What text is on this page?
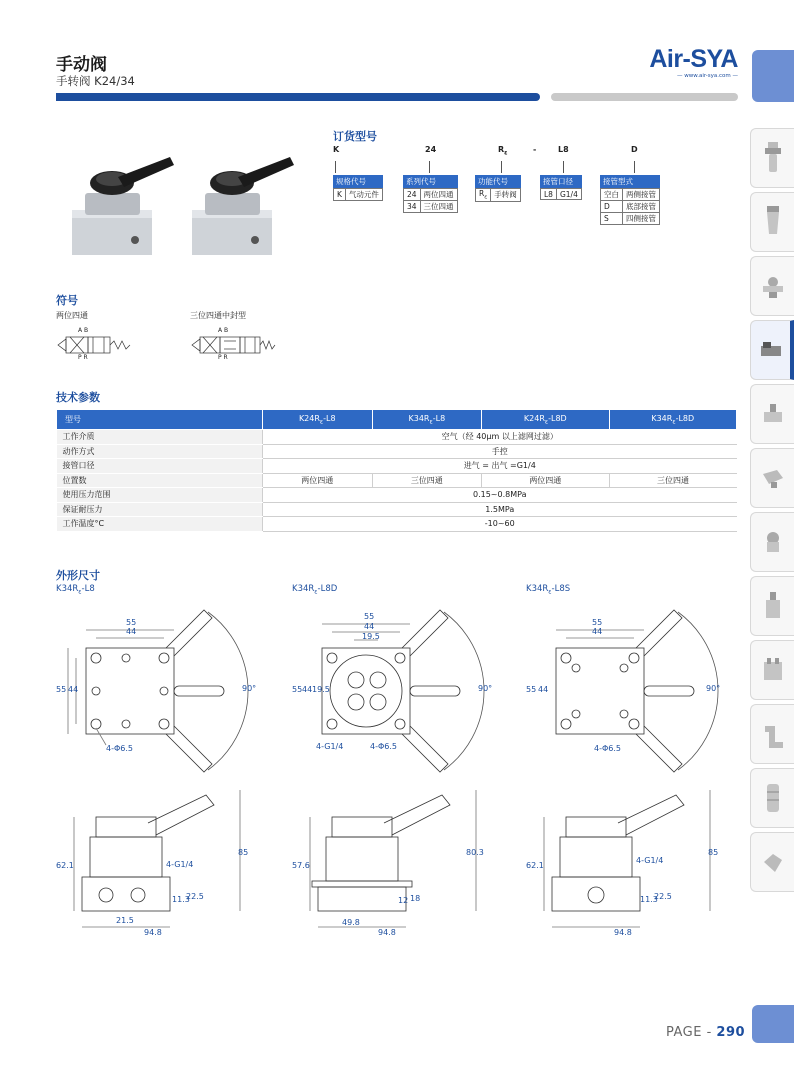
手动阀
手转阀 K24/34
Air-SYA
— www.air-sya.com —
订货型号
K	24	$R_\varepsilon$	-	L8	D
规格代号
K	气动元件
系列代号
24	两位四通
34	三位四通
功能代号
$R_\varepsilon$	手转阀
接管口径
L8	G1/4
接管型式
空白	两侧接管
D	底部接管
S	四侧接管
符号
两位四通	三位四通中封型
A B
P R
A B
P R
技术参数
型号	$K24R_\varepsilon-L8$	$K34R_\varepsilon-L8$	$K24R_\varepsilon-L8D$	$K34R_\varepsilon-L8D$
工作介质	空气（经 40μm 以上滤网过滤）			
动作方式	手控			
接管口径	进气 = 出气 =G1/4			
位置数	两位四通	三位四通	两位四通	三位四通
使用压力范围	0.15~0.8MPa			
保证耐压力	1.5MPa			
工作温度°C	-10~60			
外形尺寸
$K34R_\varepsilon-L8$	$K34R_\varepsilon-L8D$	$K34R_\varepsilon-L8S$
55
44
55 44	90°
4-Φ6.5
62.1
85
4-G1/4
21.5
11.3
22.5
94.8
55
44
19.5
55 44 19.5	90°
4-G1/4	4-Φ6.5
57.6
80.3
49.8
12 18
94.8
55
44
55 44	90°
4-Φ6.5
62.1
85
4-G1/4
11.3
22.5
94.8
PAGE - 290
